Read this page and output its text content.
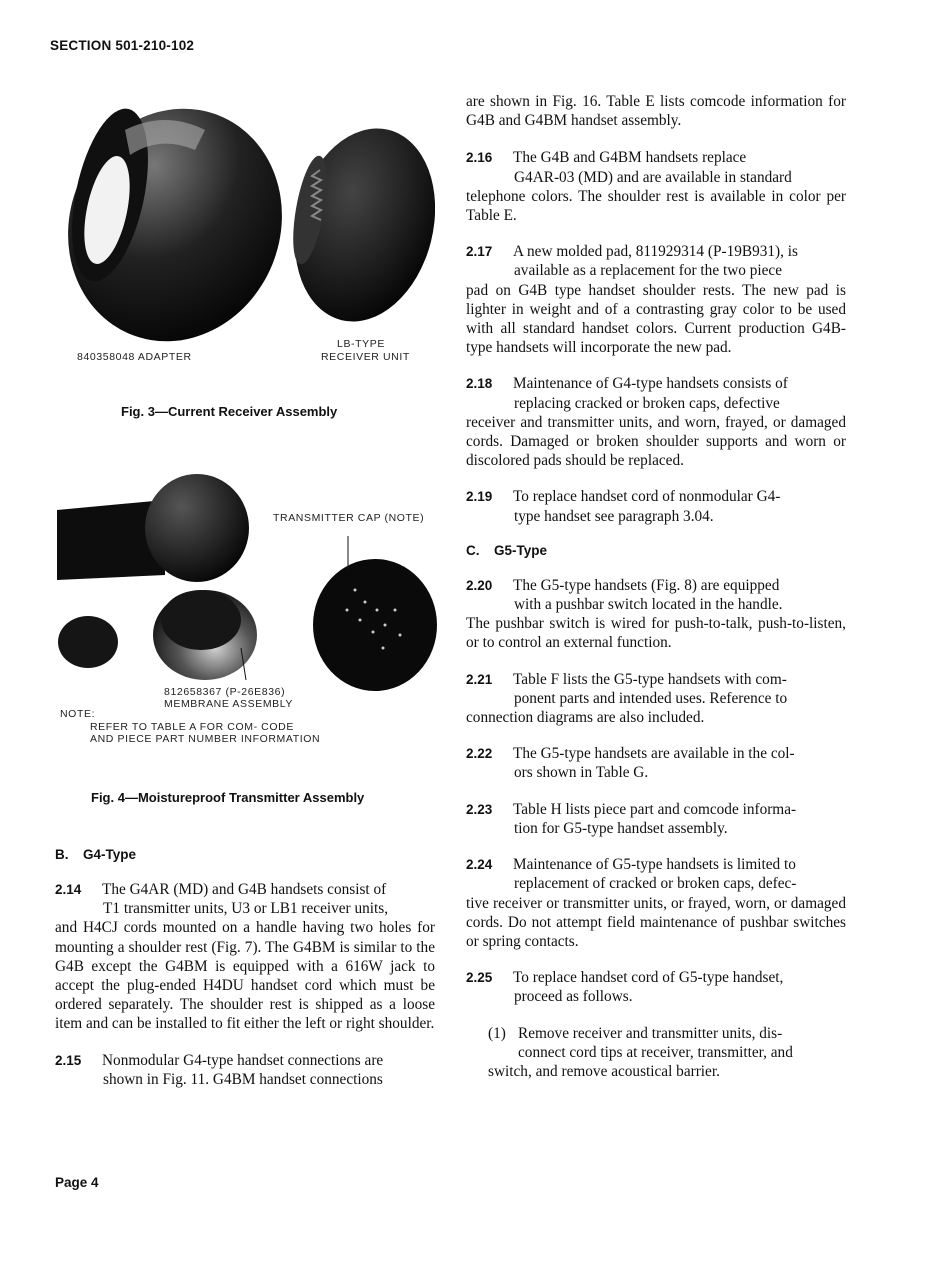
SECTION 501-210-102
840358048 ADAPTER
LB-TYPE
RECEIVER UNIT
Fig. 3—Current Receiver Assembly
TRANSMITTER CAP (NOTE)
812658367 (P-26E836)
MEMBRANE ASSEMBLY
NOTE:
REFER TO TABLE A FOR COM- CODE
AND PIECE PART NUMBER INFORMATION
Fig. 4—Moistureproof Transmitter Assembly
B. G4-Type
2.14 The G4AR (MD) and G4B handsets consist of
T1 transmitter units, U3 or LB1 receiver units,
and H4CJ cords mounted on a handle having two holes for mounting a shoulder rest (Fig. 7). The G4BM is similar to the G4B except the G4BM is equipped with a 616W jack to accept the plug-ended H4DU handset cord which must be ordered separately. The shoulder rest is shipped as a loose item and can be installed to fit either the left or right shoulder.
2.15 Nonmodular G4-type handset connections are
shown in Fig. 11. G4BM handset connections
are shown in Fig. 16. Table E lists comcode information for G4B and G4BM handset assembly.
2.16 The G4B and G4BM handsets replace
G4AR-03 (MD) and are available in standard
telephone colors. The shoulder rest is available in color per Table E.
2.17 A new molded pad, 811929314 (P-19B931), is
available as a replacement for the two piece
pad on G4B type handset shoulder rests. The new pad is lighter in weight and of a contrasting gray color to be used with all standard handset colors. Current production G4B-type handsets will incorporate the new pad.
2.18 Maintenance of G4-type handsets consists of
replacing cracked or broken caps, defective
receiver and transmitter units, and worn, frayed, or damaged cords. Damaged or broken shoulder supports and worn or discolored pads should be replaced.
2.19 To replace handset cord of nonmodular G4-
type handset see paragraph 3.04.
C. G5-Type
2.20 The G5-type handsets (Fig. 8) are equipped
with a pushbar switch located in the handle.
The pushbar switch is wired for push-to-talk, push-to-listen, or to control an external function.
2.21 Table F lists the G5-type handsets with com-
ponent parts and intended uses. Reference to
connection diagrams are also included.
2.22 The G5-type handsets are available in the col-
ors shown in Table G.
2.23 Table H lists piece part and comcode informa-
tion for G5-type handset assembly.
2.24 Maintenance of G5-type handsets is limited to
replacement of cracked or broken caps, defec-
tive receiver or transmitter units, or frayed, worn, or damaged cords. Do not attempt field maintenance of pushbar switches or spring contacts.
2.25 To replace handset cord of G5-type handset,
proceed as follows.
(1) Remove receiver and transmitter units, dis-
connect cord tips at receiver, transmitter, and
switch, and remove acoustical barrier.
Page 4
